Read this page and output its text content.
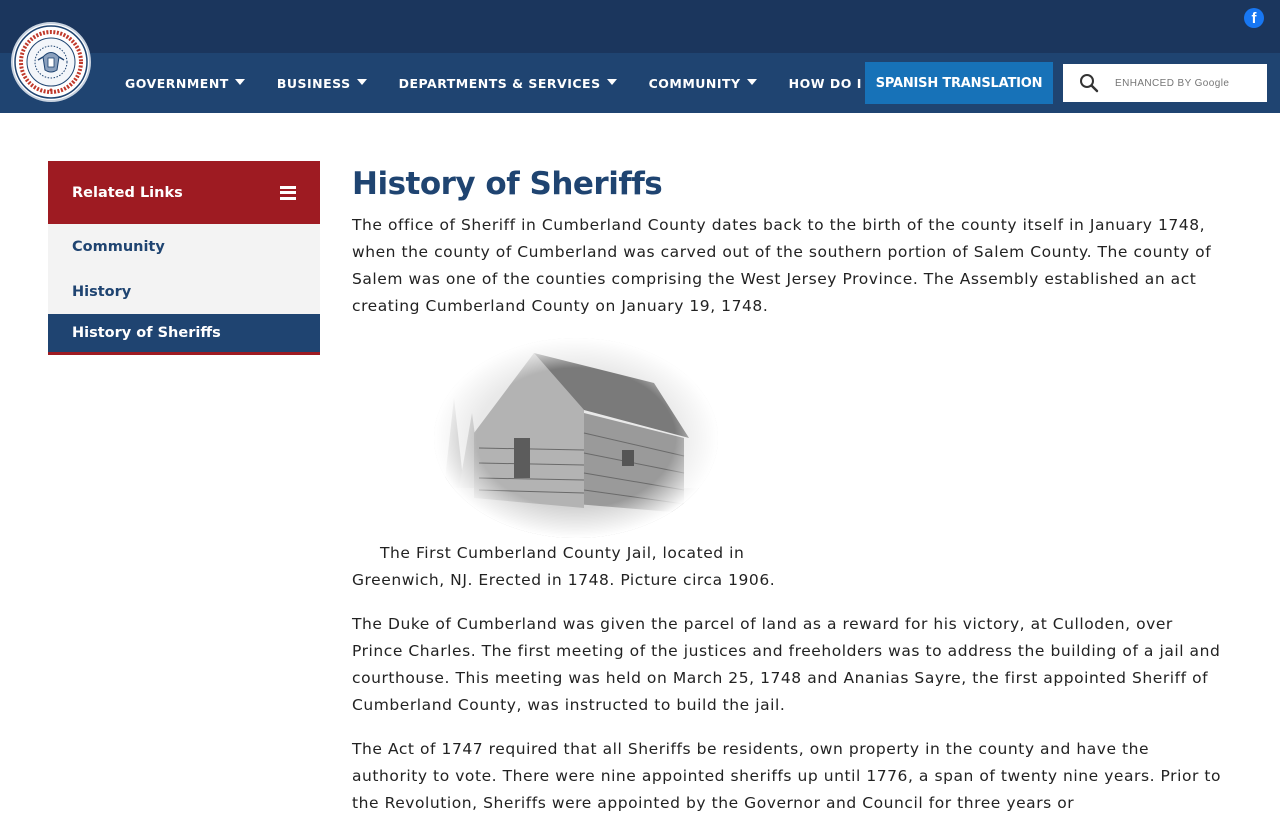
f
GOVERNMENT	BUSINESS	DEPARTMENTS & SERVICES	COMMUNITY	HOW DO I	SPANISH TRANSLATION
ENHANCED BY Google
Related Links
Community
History
History of Sheriffs
History of Sheriffs

The office of Sheriff in Cumberland County dates back to the birth of the county itself in January 1748, when the county of Cumberland was carved out of the southern portion of Salem County. The county of Salem was one of the counties comprising the West Jersey Province. The Assembly established an act creating Cumberland County on January 19, 1748.

The First Cumberland County Jail, located in Greenwich, NJ. Erected in 1748. Picture circa 1906.

The Duke of Cumberland was given the parcel of land as a reward for his victory, at Culloden, over Prince Charles. The first meeting of the justices and freeholders was to address the building of a jail and courthouse. This meeting was held on March 25, 1748 and Ananias Sayre, the first appointed Sheriff of Cumberland County, was instructed to build the jail.

The Act of 1747 required that all Sheriffs be residents, own property in the county and have the authority to vote. There were nine appointed sheriffs up until 1776, a span of twenty nine years. Prior to the Revolution, Sheriffs were appointed by the Governor and Council for three years or
